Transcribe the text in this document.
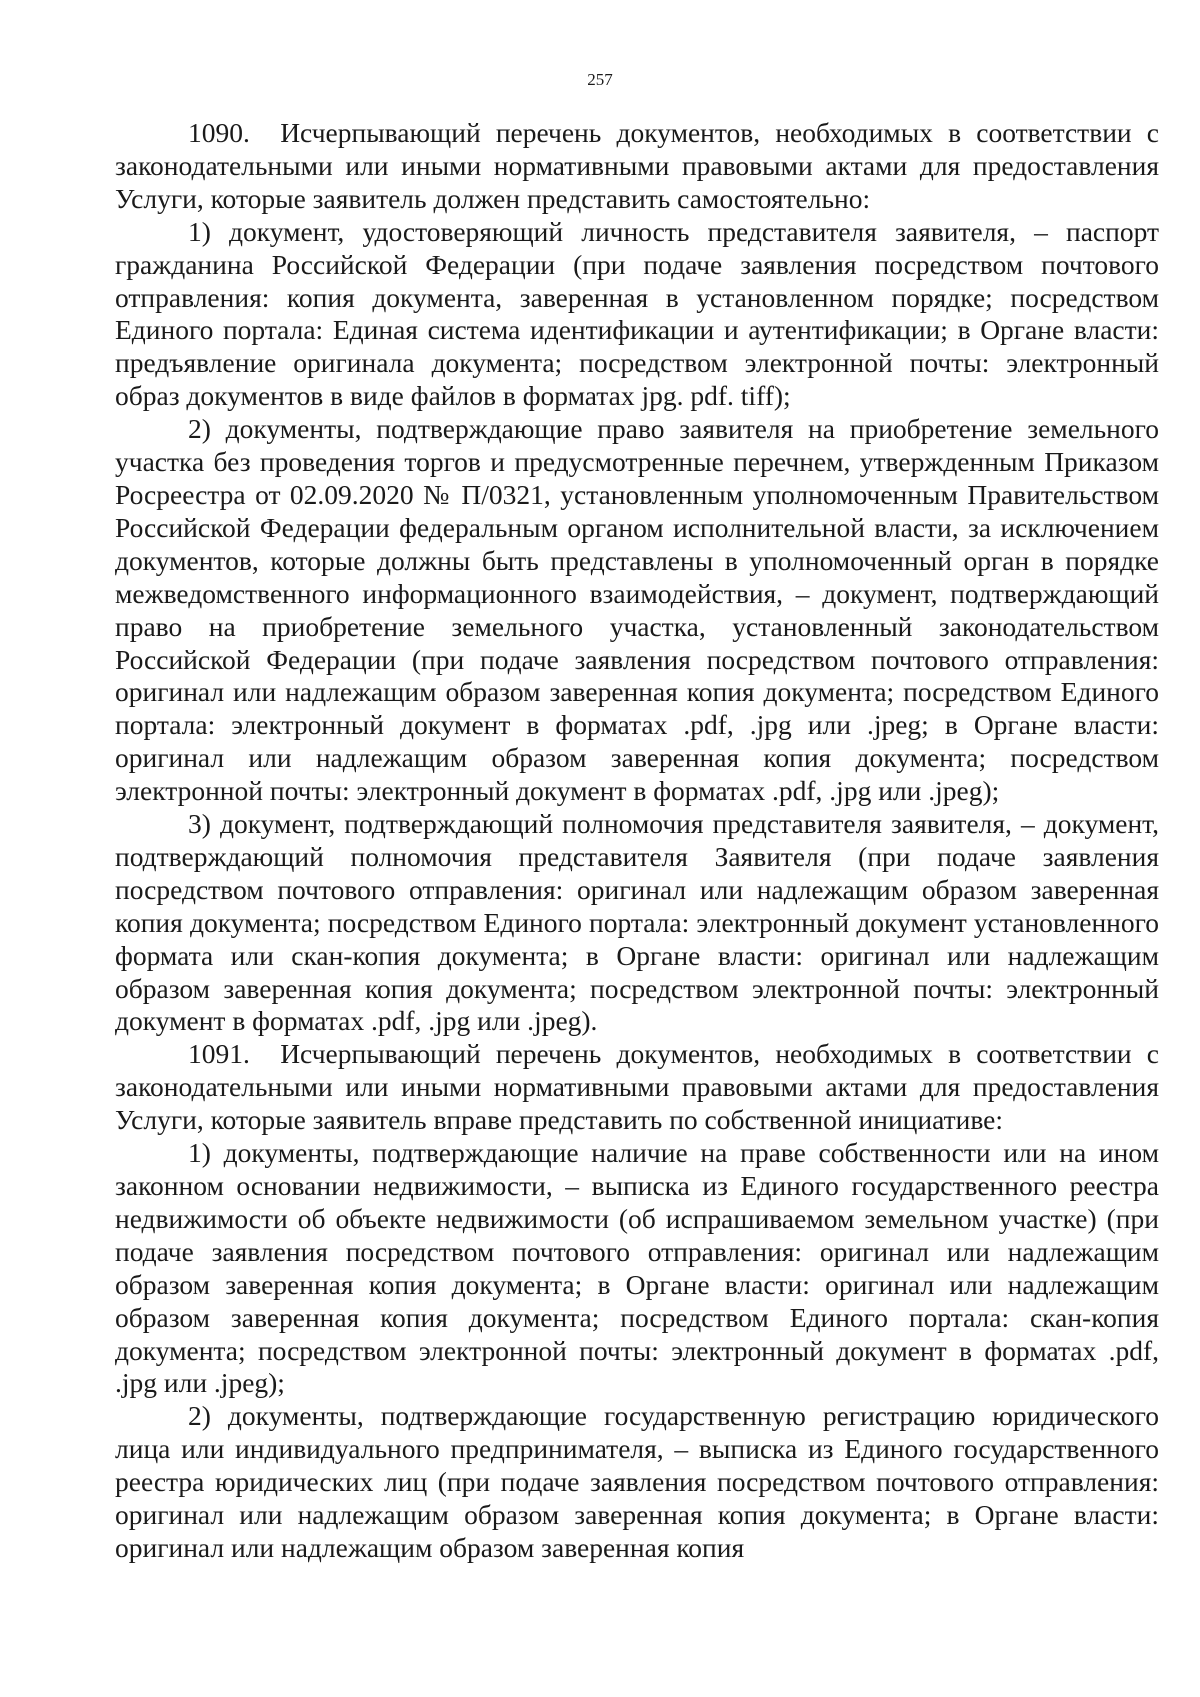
257

1090.  Исчерпывающий перечень документов, необходимых в соответствии с законодательными или иными нормативными правовыми актами для предоставления Услуги, которые заявитель должен представить самостоятельно:

1) документ, удостоверяющий личность представителя заявителя, – паспорт гражданина Российской Федерации (при подаче заявления посредством почтового отправления: копия документа, заверенная в установленном порядке; посредством Единого портала: Единая система идентификации и аутентификации; в Органе власти: предъявление оригинала документа; посредством электронной почты: электронный образ документов в виде файлов в форматах jpg. pdf. tiff);

2) документы, подтверждающие право заявителя на приобретение земельного участка без проведения торгов и предусмотренные перечнем, утвержденным Приказом Росреестра от 02.09.2020 № П/0321, установленным уполномоченным Правительством Российской Федерации федеральным органом исполнительной власти, за исключением документов, которые должны быть представлены в уполномоченный орган в порядке межведомственного информационного взаимодействия, – документ, подтверждающий право на приобретение земельного участка, установленный законодательством Российской Федерации (при подаче заявления посредством почтового отправления: оригинал или надлежащим образом заверенная копия документа; посредством Единого портала: электронный документ в форматах .pdf, .jpg или .jpeg; в Органе власти: оригинал или надлежащим образом заверенная копия документа; посредством электронной почты: электронный документ в форматах .pdf, .jpg или .jpeg);

3) документ, подтверждающий полномочия представителя заявителя, – документ, подтверждающий полномочия представителя Заявителя (при подаче заявления посредством почтового отправления: оригинал или надлежащим образом заверенная копия документа; посредством Единого портала: электронный документ установленного формата или скан-копия документа; в Органе власти: оригинал или надлежащим образом заверенная копия документа; посредством электронной почты: электронный документ в форматах .pdf, .jpg или .jpeg).

1091.  Исчерпывающий перечень документов, необходимых в соответствии с законодательными или иными нормативными правовыми актами для предоставления Услуги, которые заявитель вправе представить по собственной инициативе:

1) документы, подтверждающие наличие на праве собственности или на ином законном основании недвижимости, – выписка из Единого государственного реестра недвижимости об объекте недвижимости (об испрашиваемом земельном участке) (при подаче заявления посредством почтового отправления: оригинал или надлежащим образом заверенная копия документа; в Органе власти: оригинал или надлежащим образом заверенная копия документа; посредством Единого портала: скан-копия документа; посредством электронной почты: электронный документ в форматах .pdf, .jpg или .jpeg);

2) документы, подтверждающие государственную регистрацию юридического лица или индивидуального предпринимателя, – выписка из Единого государственного реестра юридических лиц (при подаче заявления посредством почтового отправления: оригинал или надлежащим образом заверенная копия документа; в Органе власти: оригинал или надлежащим образом заверенная копия
